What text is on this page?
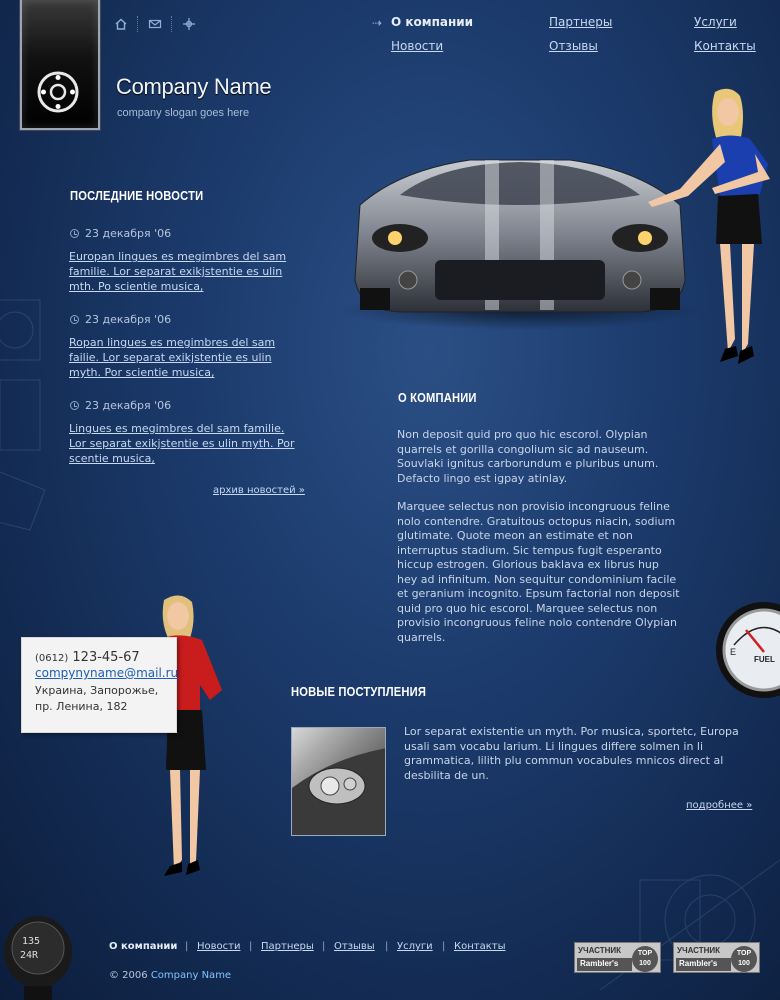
Company Name
company slogan goes here
⇢ О компании	Партнеры	Услуги
Новости	Отзывы	Контакты
ПОСЛЕДНИЕ НОВОСТИ
23 декабря '06
Europan lingues es megimbres del sam familie. Lor separat exikjstentie es ulin mth. Po scientie musica,
23 декабря '06
Ropan lingues es megimbres del sam failie. Lor separat exikjstentie es ulin myth. Por scientie musica,
23 декабря '06
Lingues es megimbres del sam familie. Lor separat exikjstentie es ulin myth. Por scentie musica,
архив новостей »
О КОМПАНИИ

Non deposit quid pro quo hic escorol. Olypian quarrels et gorilla congolium sic ad nauseum. Souvlaki ignitus carborundum e pluribus unum. Defacto lingo est igpay atinlay.

Marquee selectus non provisio incongruous feline nolo contendre. Gratuitous octopus niacin, sodium glutimate. Quote meon an estimate et non interruptus stadium. Sic tempus fugit esperanto hiccup estrogen. Glorious baklava ex librus hup hey ad infinitum. Non sequitur condominium facile et geranium incognito. Epsum factorial non deposit quid pro quo hic escorol. Marquee selectus non provisio incongruous feline nolo contendre Olypian quarrels.

(0612) 123-45-67
compynyname@mail.ru
Украина, Запорожье,
пр. Ленина, 182
E
FUEL
НОВЫЕ ПОСТУПЛЕНИЯ

Lor separat existentie un myth. Por musica, sportetc, Europa usali sam vocabu larium. Li lingues differe solmen in li grammatica, lilith plu commun vocabules mnicos direct al desbilita de un.

подробнее »
135
24R
О компании | Новости | Партнеры | Отзывы | Услуги | Контакты
© 2006 Company Name
УЧАСТНИК
Rambler's
TOP
100
УЧАСТНИК
Rambler's
TOP
100
